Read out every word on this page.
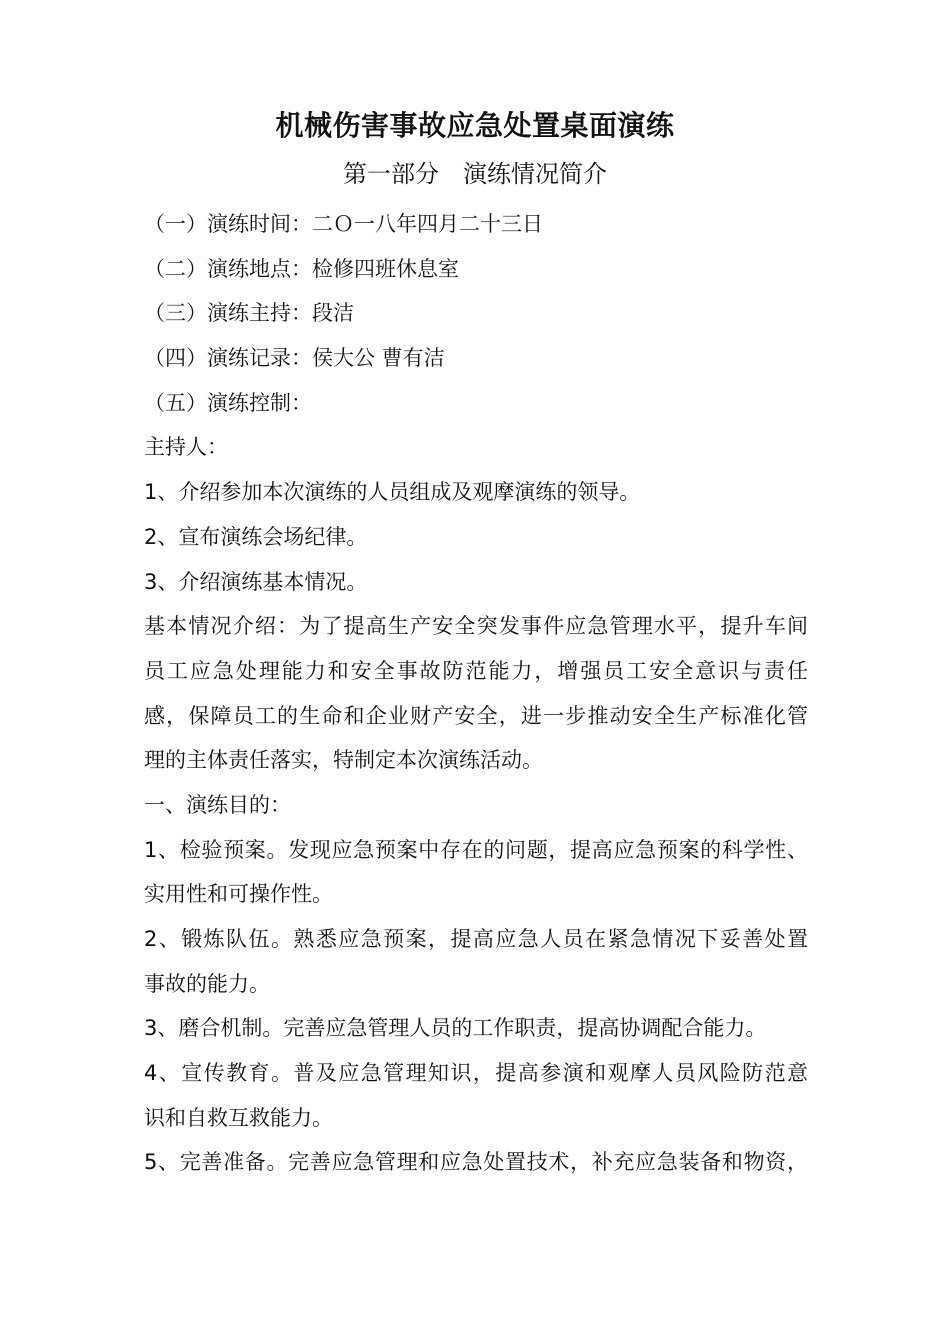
机械伤害事故应急处置桌面演练
第一部分　演练情况简介
（一）演练时间：二Ｏ一八年四月二十三日
（二）演练地点：检修四班休息室
（三）演练主持：段洁
（四）演练记录：侯大公 曹有洁
（五）演练控制：
主持人：
1、介绍参加本次演练的人员组成及观摩演练的领导。
2、宣布演练会场纪律。
3、介绍演练基本情况。
基本情况介绍：为了提高生产安全突发事件应急管理水平，提升车间
员工应急处理能力和安全事故防范能力，增强员工安全意识与责任
感，保障员工的生命和企业财产安全，进一步推动安全生产标准化管
理的主体责任落实，特制定本次演练活动。
一、演练目的：
1、检验预案。发现应急预案中存在的问题，提高应急预案的科学性、
实用性和可操作性。
2、锻炼队伍。熟悉应急预案，提高应急人员在紧急情况下妥善处置
事故的能力。
3、磨合机制。完善应急管理人员的工作职责，提高协调配合能力。
4、宣传教育。普及应急管理知识，提高参演和观摩人员风险防范意
识和自救互救能力。
5、完善准备。完善应急管理和应急处置技术，补充应急装备和物资，
